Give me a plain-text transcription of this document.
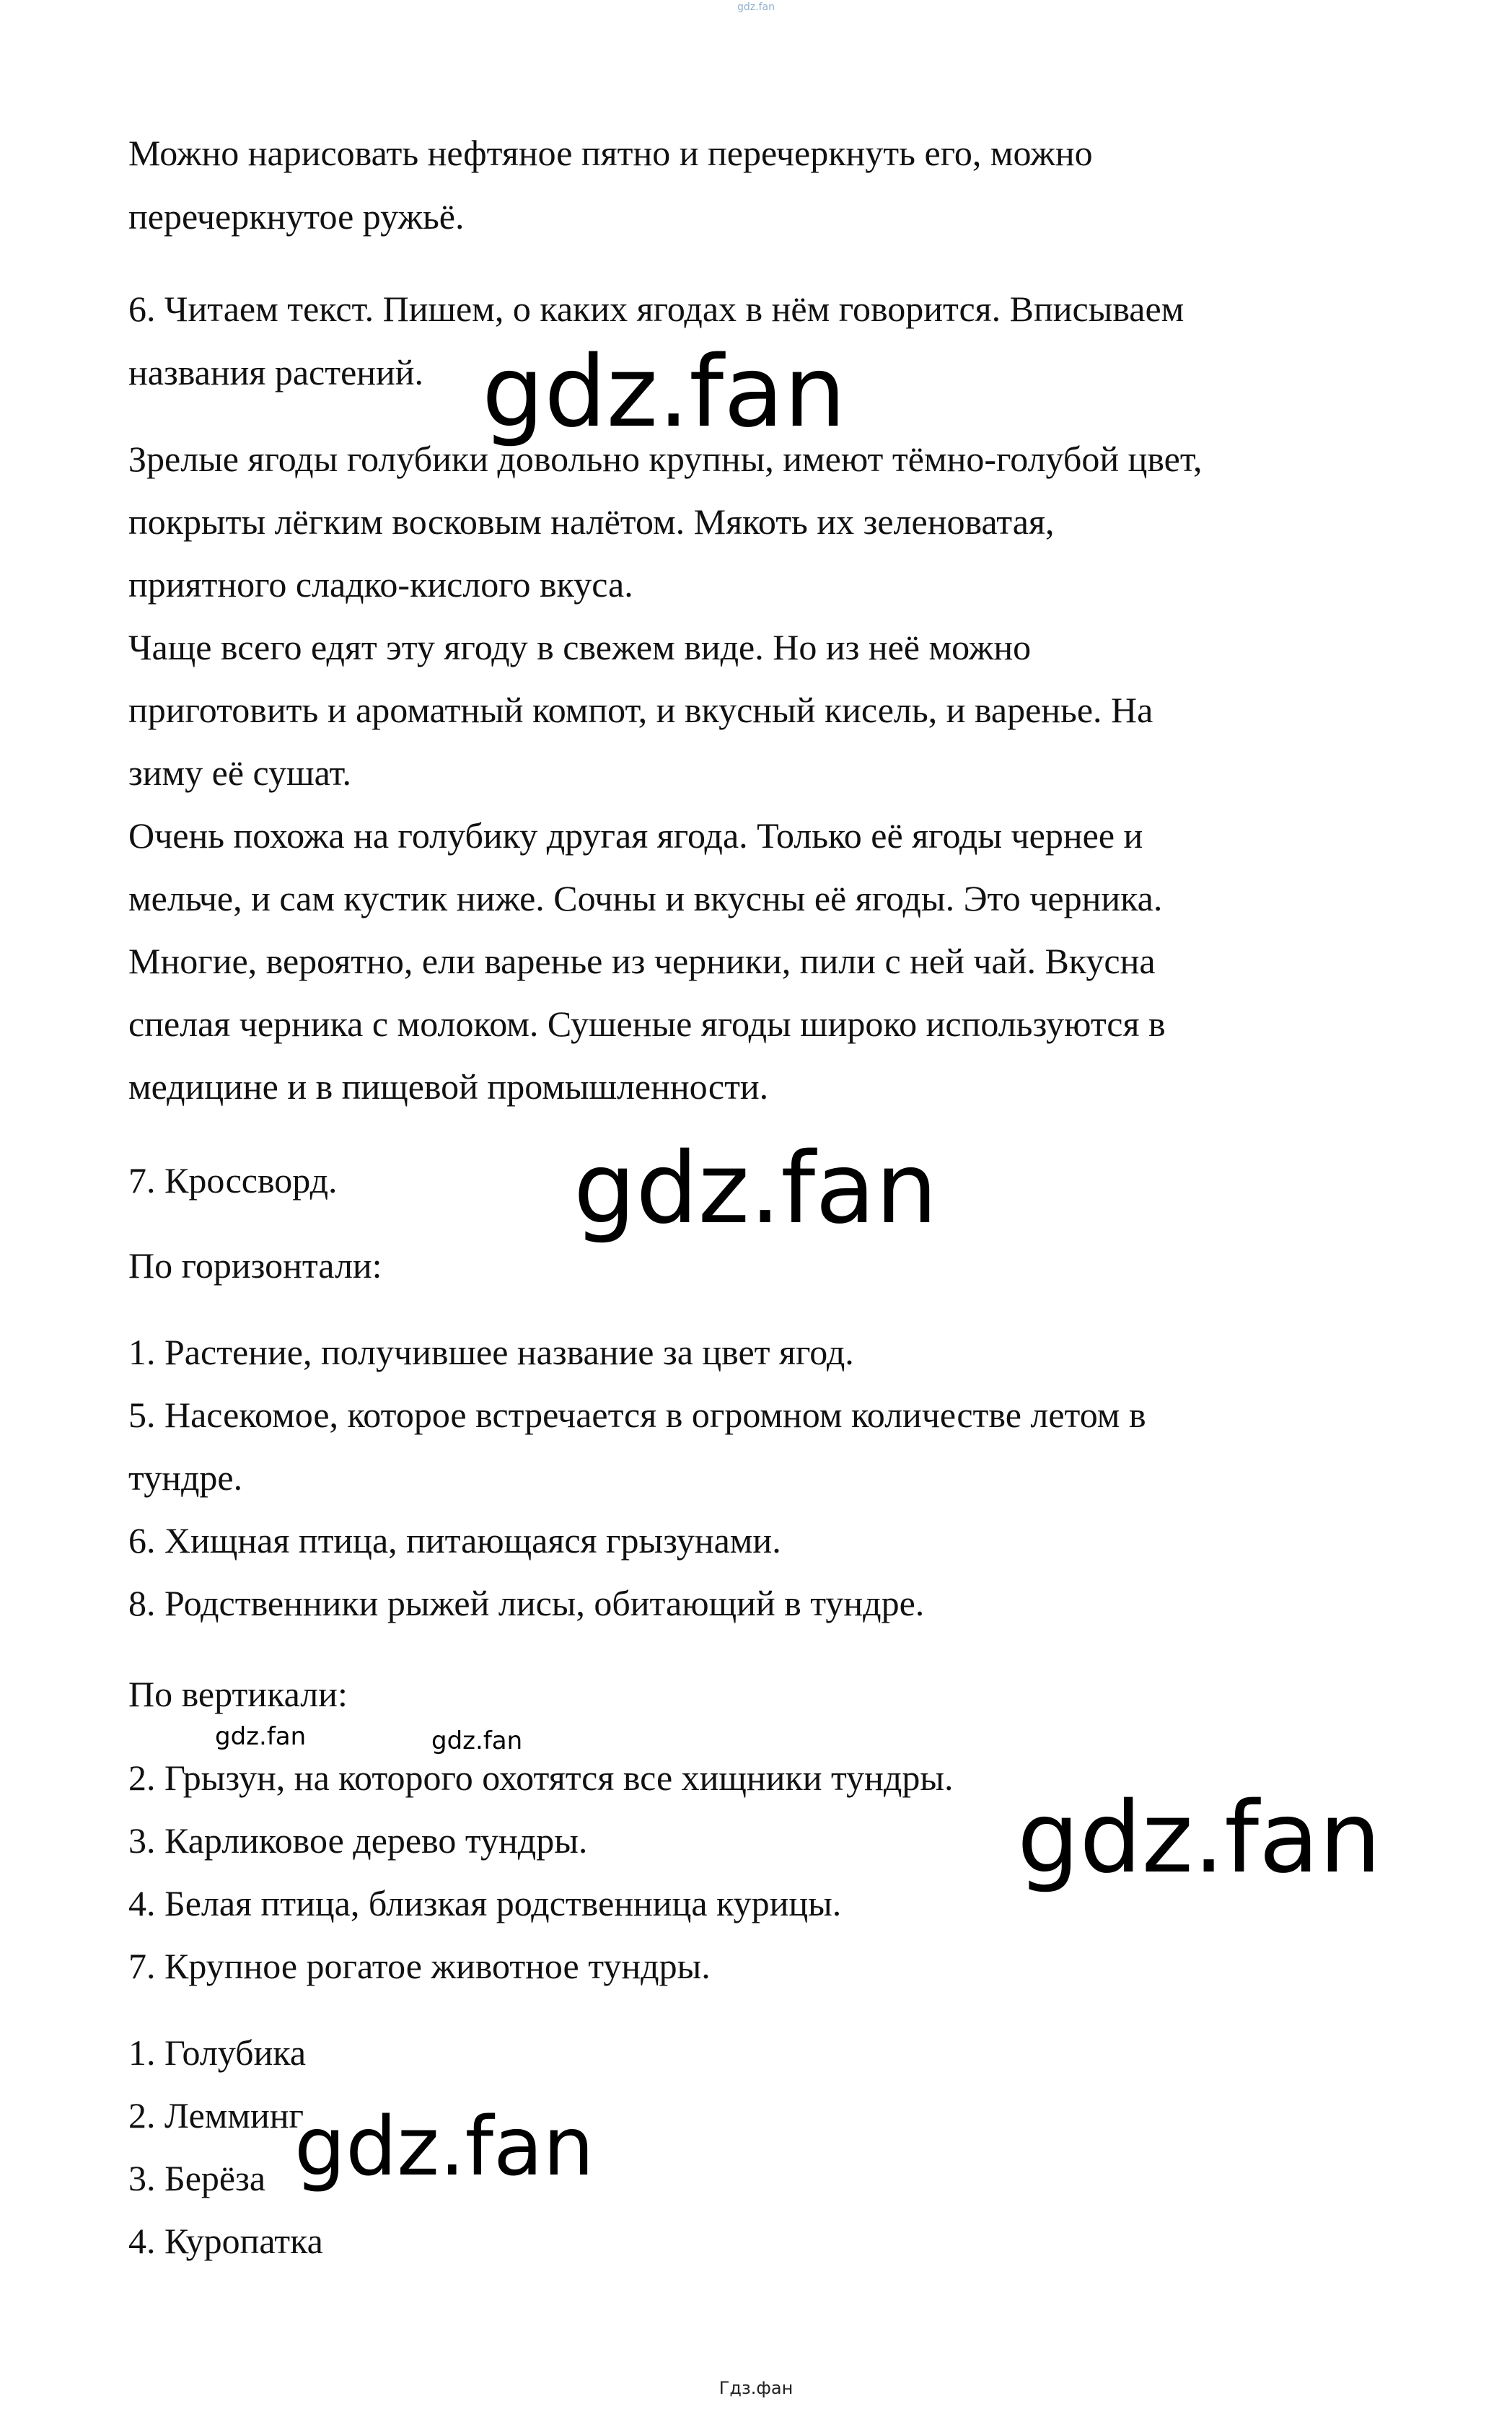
gdz.fan
Можно нарисовать нефтяное пятно и перечеркнуть его, можно
перечеркнутое ружьё.
6. Читаем текст. Пишем, о каких ягодах в нём говорится. Вписываем
названия растений.
Зрелые ягоды голубики довольно крупны, имеют тёмно-голубой цвет,
покрыты лёгким восковым налётом. Мякоть их зеленоватая,
приятного сладко-кислого вкуса.
Чаще всего едят эту ягоду в свежем виде. Но из неё можно
приготовить и ароматный компот, и вкусный кисель, и варенье. На
зиму её сушат.
Очень похожа на голубику другая ягода. Только её ягоды чернее и
мельче, и сам кустик ниже. Сочны и вкусны её ягоды. Это черника.
Многие, вероятно, ели варенье из черники, пили с ней чай. Вкусна
спелая черника с молоком. Сушеные ягоды широко используются в
медицине и в пищевой промышленности.
7. Кроссворд.
По горизонтали:
1. Растение, получившее название за цвет ягод.
5. Насекомое, которое встречается в огромном количестве летом в
тундре.
6. Хищная птица, питающаяся грызунами.
8. Родственники рыжей лисы, обитающий в тундре.
По вертикали:
2. Грызун, на которого охотятся все хищники тундры.
3. Карликовое дерево тундры.
4. Белая птица, близкая родственница курицы.
7. Крупное рогатое животное тундры.
1. Голубика
2. Лемминг
3. Берёза
4. Куропатка
gdz.fan
gdz.fan
gdz.fan	gdz.fan
gdz.fan
gdz.fan
Гдз.фан
